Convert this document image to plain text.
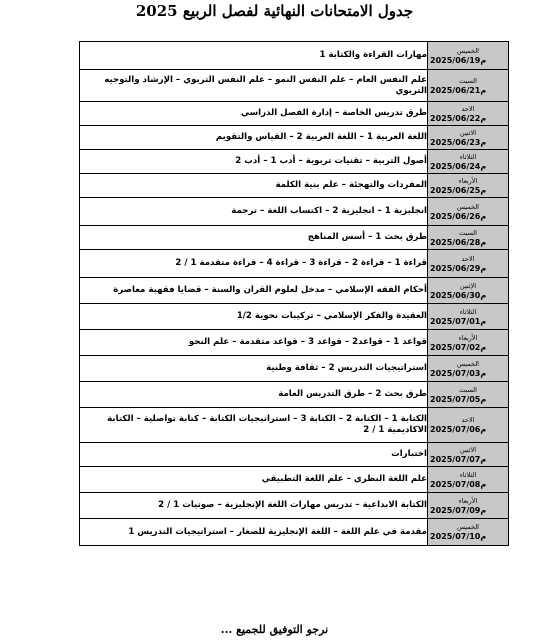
جدول الامتحانات النهائية لفصل الربيع 2025
الخميس
2025/06/19م	مهارات القراءة والكتابة 1

السبت
2025/06/21م	علم النفس العام – علم النفس النمو – علم النفس التربوي – الإرشاد والتوجيه التربوي

الاحد
2025/06/22م	طرق تدريس الخاصة – إدارة الفصل الدراسي

الاثنين
2025/06/23م	اللغة العربية 1 – اللغة العربية 2 – القياس والتقويم

الثلاثاء
2025/06/24م	أصول التربية – تقنيات تربوية – أدب 1 – أدب 2

الأربعاء
2025/06/25م	المفردات والتهجئة – علم بنية الكلمة

الخميس
2025/06/26م	انجليزية 1 – انجليزية 2 – اكتساب اللغة – ترجمة

السبت
2025/06/28م	طرق بحث 1 – أسس المناهج

الاحد
2025/06/29م	قراءة 1 – قراءة 2 – قراءة 3 – قراءة 4 – قراءة متقدمة 1 / 2

الإثنين
2025/06/30م	أحكام الفقه الإسلامي – مدخل لعلوم القران والسنة – قضايا فقهية معاصرة

الثلاثاء
2025/07/01م	العقيدة والفكر الإسلامي – تركيبات نحوية 1/2

الأربعاء
2025/07/02م	قواعد 1 – قواعد2 – قواعد 3 – قواعد متقدمة – علم النحو

الخميس
2025/07/03م	استراتيجيات التدريس 2 – ثقافة وطنية

السبت
2025/07/05م	طرق بحث 2 – طرق التدريس العامة

الاحد
2025/07/06م	الكتابة 1 – الكتابة 2 – الكتابة 3 – استراتيجيات الكتابة – كتابة تواصلية – الكتابة الاكاديمية 1 / 2

الاثنين
2025/07/07م	اختبارات

الثلاثاء
2025/07/08م	علم اللغة النظري – علم اللغة التطبيقي

الأربعاء
2025/07/09م	الكتابة الابداعية – تدريس مهارات اللغة الإنجليزية – صوتيات 1 / 2

الخميس
2025/07/10م	مقدمة في علم اللغة – اللغة الإنجليزية للصغار – استراتيجيات التدريس 1
نرجو التوفيق للجميع ...
